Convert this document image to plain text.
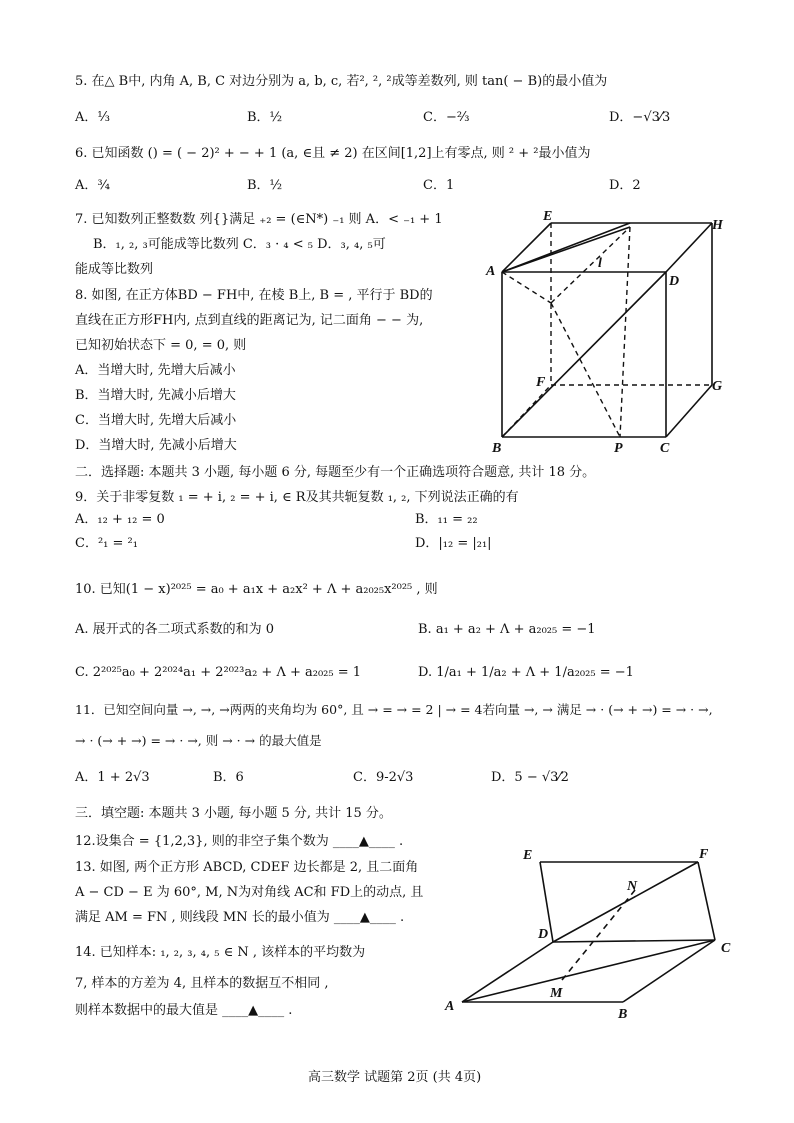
5. 在△ B中, 内角 A, B, C 对边分别为 a, b, c, 若², ², ²成等差数列, 则 tan( − B)的最小值为
A．⅓	B．½	C．−²⁄₃	D．−√3⁄3
6. 已知函数 () = ( − 2)² + − + 1 (a, ∈且 ≠ 2) 在区间[1,2]上有零点, 则 ² + ²最小值为
A．¾	B．½	C．1	D．2
7. 已知数列正整数数 列{}满足 ₊₂ = (∈N*) ₋₁ 则 A．< ₋₁ + 1
B．₁, ₂, ₃可能成等比数列 C．₃ · ₄ < ₅ D．₃, ₄, ₅可
能成等比数列
8. 如图, 在正方体BD − FH中, 在棱 B上, B = , 平行于 BD的
直线在正方形FH内, 点到直线的距离记为, 记二面角 − − 为,
已知初始状态下 = 0, = 0, 则
A．当增大时, 先增大后减小
B．当增大时, 先减小后增大
C．当增大时, 先增大后减小
D．当增大时, 先减小后增大
E
H
A
D
l
F	G
B	P	C
二．选择题: 本题共 3 小题, 每小题 6 分, 每题至少有一个正确选项符合题意, 共计 18 分。
9．关于非零复数 ₁ = + i, ₂ = + i, ∈ R及其共轭复数 ₁, ₂, 下列说法正确的有
A．₁₂ + ₁₂ = 0	B．₁₁ = ₂₂
C．²₁ = ²₁	D．|₁₂ = |₂₁|
10. 已知(1 − x)²⁰²⁵ = a₀ + a₁x + a₂x² + Λ + a₂₀₂₅x²⁰²⁵ , 则
A. 展开式的各二项式系数的和为 0	B. a₁ + a₂ + Λ + a₂₀₂₅ = −1
C. 2²⁰²⁵a₀ + 2²⁰²⁴a₁ + 2²⁰²³a₂ + Λ + a₂₀₂₅ = 1	D. 1/a₁ + 1/a₂ + Λ + 1/a₂₀₂₅ = −1
11．已知空间向量 →, →, →两两的夹角均为 60°, 且 → = → = 2 | → = 4若向量 →, → 满足 → · (→ + →) = → · →,
→ · (→ + →) = → · →, 则 → · → 的最大值是
A．1 + 2√3	B．6	C．9-2√3	D．5 − √3⁄2
三．填空题: 本题共 3 小题, 每小题 5 分, 共计 15 分。
12.设集合 = {1,2,3}, 则的非空子集个数为 ____▲____ .
13. 如图, 两个正方形 ABCD, CDEF 边长都是 2, 且二面角
A − CD − E 为 60°, M, N为对角线 AC和 FD上的动点, 且
满足 AM = FN , 则线段 MN 长的最小值为 ____▲____ .
14. 已知样本: ₁, ₂, ₃, ₄, ₅ ∈ N , 该样本的平均数为
7, 样本的方差为 4, 且样本的数据互不相同 ,
则样本数据中的最大值是 ____▲____ .
E	F
N
D
C
M
A
B
高三数学 试题第 2页 (共 4页)
